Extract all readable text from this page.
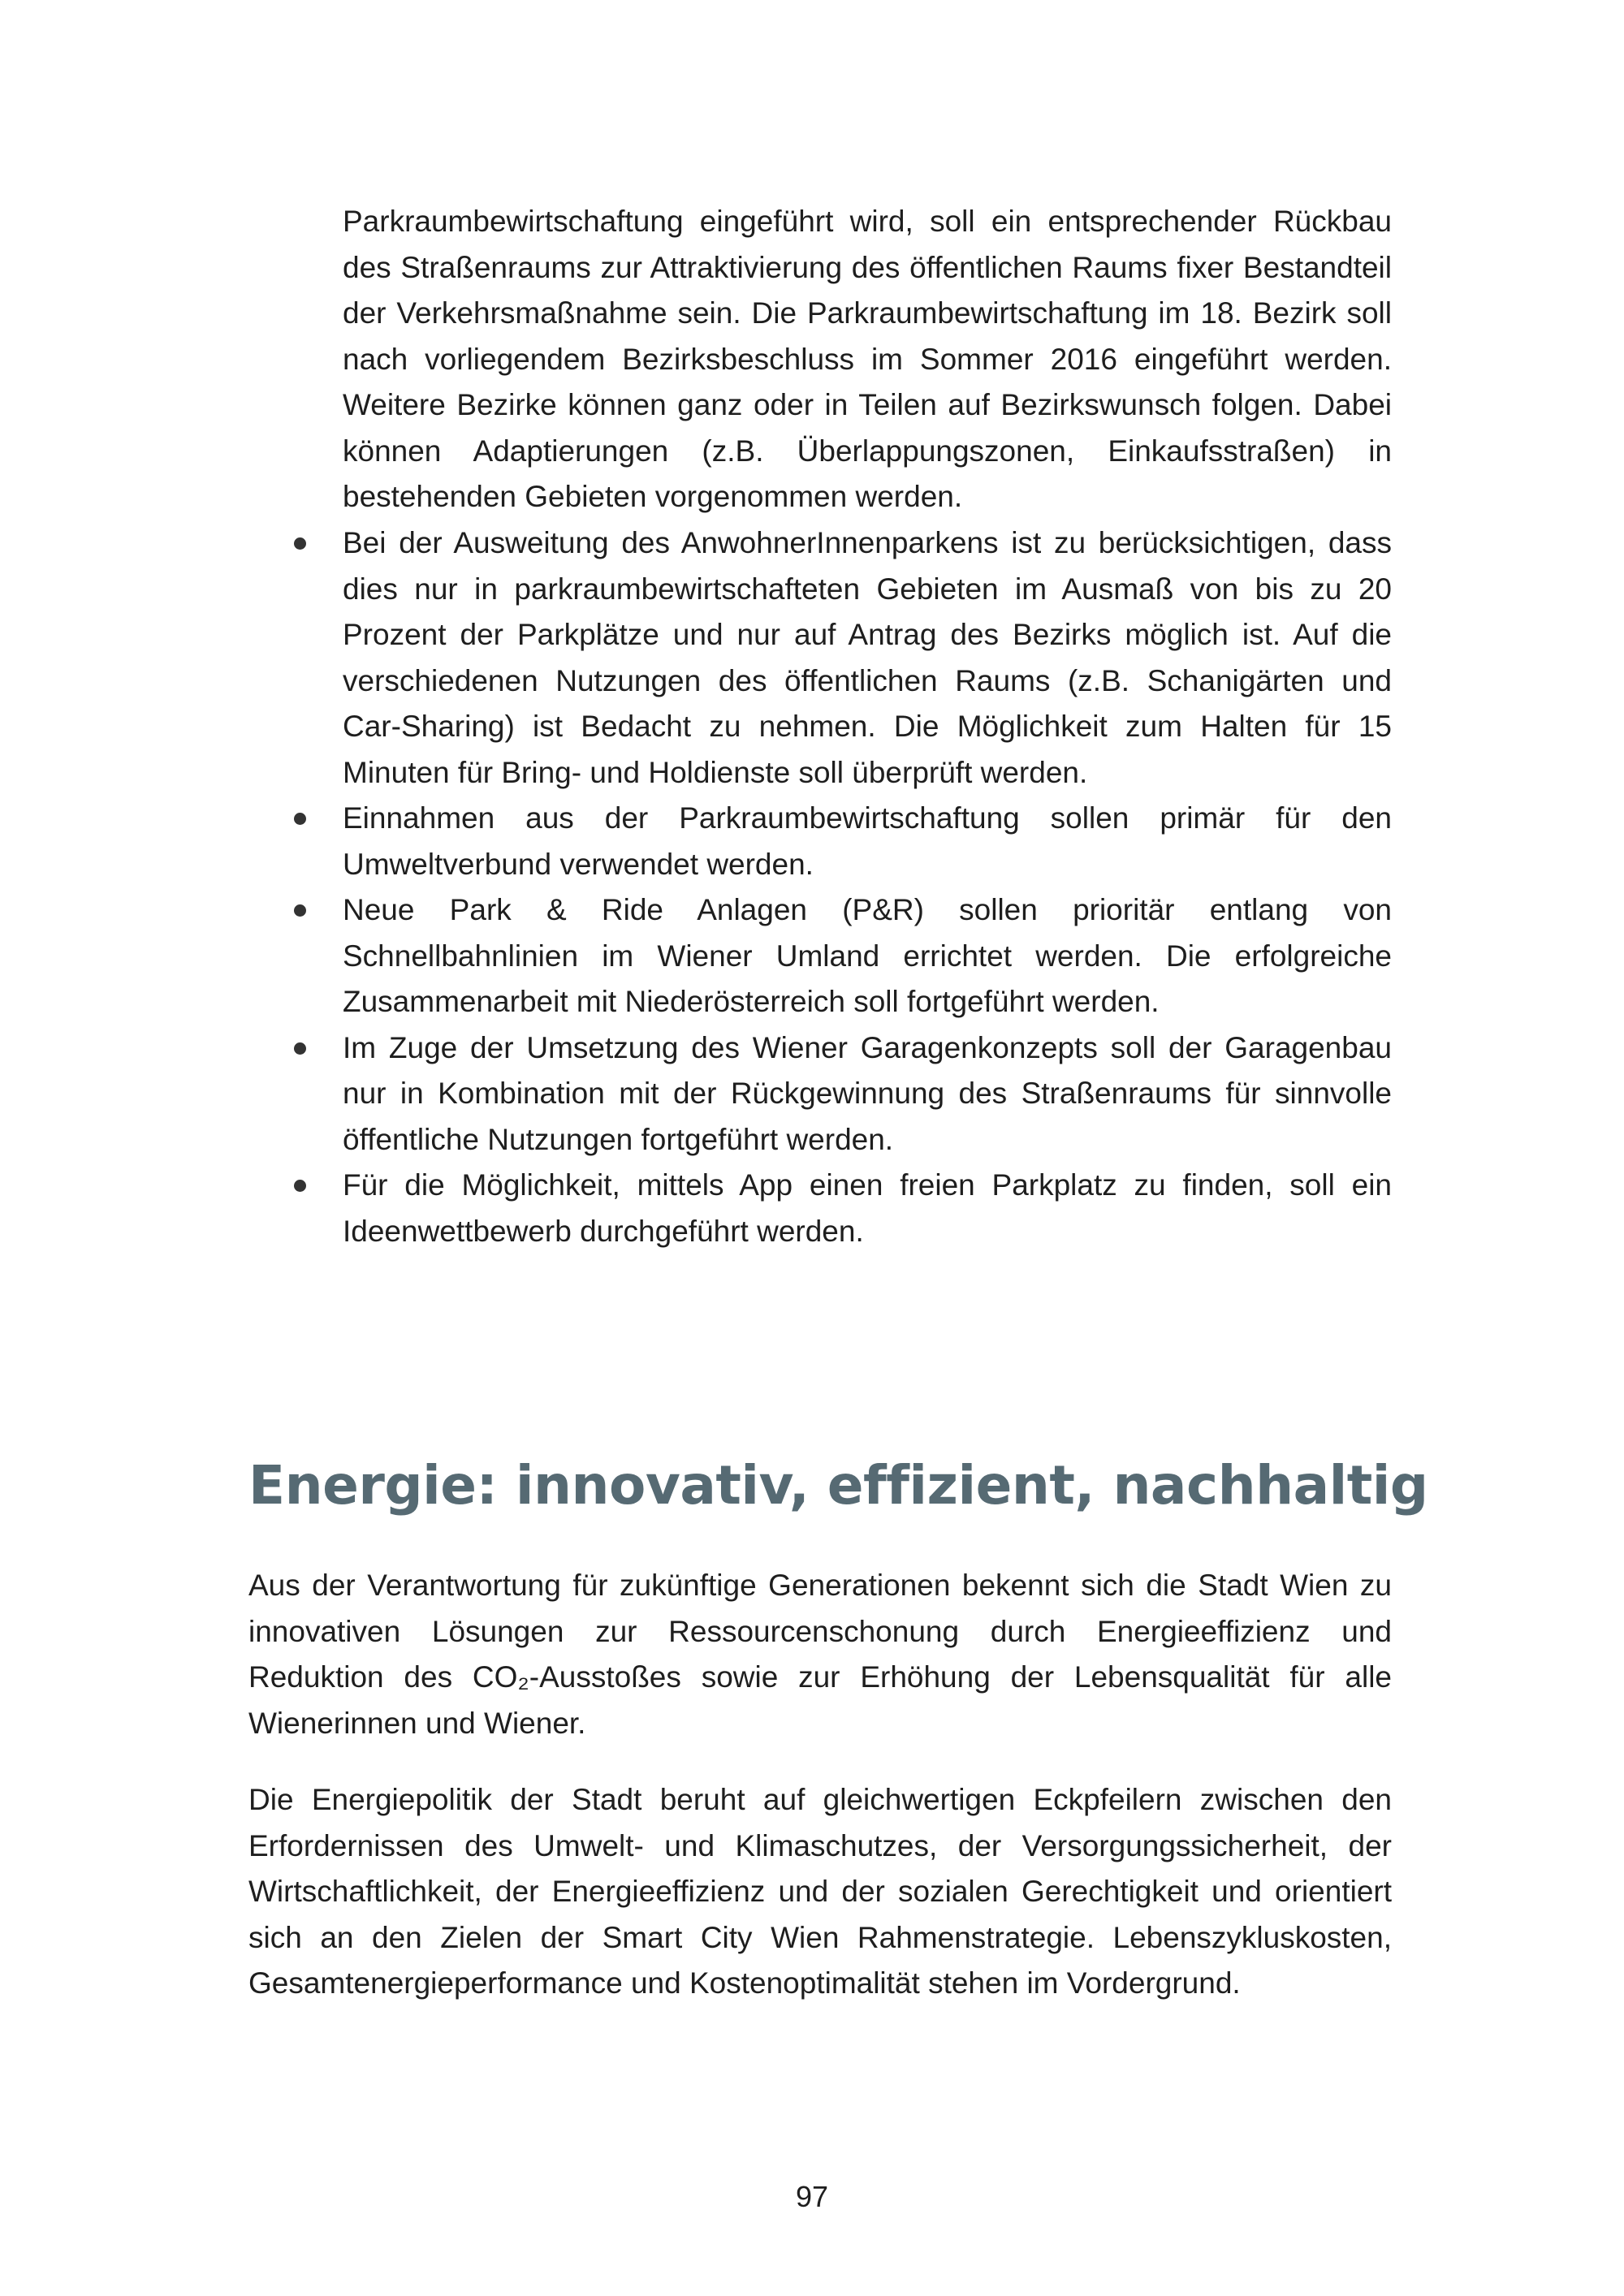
Parkraumbewirtschaftung eingeführt wird, soll ein entsprechender Rückbau des Straßenraums zur Attraktivierung des öffentlichen Raums fixer Bestandteil der Verkehrsmaßnahme sein. Die Parkraumbewirtschaftung im 18. Bezirk soll nach vorliegendem Bezirksbeschluss im Sommer 2016 eingeführt werden. Weitere Bezirke können ganz oder in Teilen auf Bezirkswunsch folgen. Dabei können Adaptierungen (z.B. Überlappungszonen, Einkaufsstraßen) in bestehenden Gebieten vorgenommen werden.

Bei der Ausweitung des AnwohnerInnenparkens ist zu berücksichtigen, dass dies nur in parkraumbewirtschafteten Gebieten im Ausmaß von bis zu 20 Prozent der Parkplätze und nur auf Antrag des Bezirks möglich ist. Auf die verschiedenen Nutzungen des öffentlichen Raums (z.B. Schanigärten und Car-Sharing) ist Bedacht zu nehmen. Die Möglichkeit zum Halten für 15 Minuten für Bring- und Holdienste soll überprüft werden.
Einnahmen aus der Parkraumbewirtschaftung sollen primär für den Umweltverbund verwendet werden.
Neue Park & Ride Anlagen (P&R) sollen prioritär entlang von Schnellbahnlinien im Wiener Umland errichtet werden. Die erfolgreiche Zusammenarbeit mit Niederösterreich soll fortgeführt werden.
Im Zuge der Umsetzung des Wiener Garagenkonzepts soll der Garagenbau nur in Kombination mit der Rückgewinnung des Straßenraums für sinnvolle öffentliche Nutzungen fortgeführt werden.
Für die Möglichkeit, mittels App einen freien Parkplatz zu finden, soll ein Ideenwettbewerb durchgeführt werden.
Energie: innovativ, effizient, nachhaltig

Aus der Verantwortung für zukünftige Generationen bekennt sich die Stadt Wien zu innovativen Lösungen zur Ressourcenschonung durch Energieeffizienz und Reduktion des CO₂-Ausstoßes sowie zur Erhöhung der Lebensqualität für alle Wienerinnen und Wiener.

Die Energiepolitik der Stadt beruht auf gleichwertigen Eckpfeilern zwischen den Erfordernissen des Umwelt- und Klimaschutzes, der Versorgungssicherheit, der Wirtschaftlichkeit, der Energieeffizienz und der sozialen Gerechtigkeit und orientiert sich an den Zielen der Smart City Wien Rahmenstrategie. Lebenszykluskosten, Gesamtenergieperformance und Kostenoptimalität stehen im Vordergrund.

97
